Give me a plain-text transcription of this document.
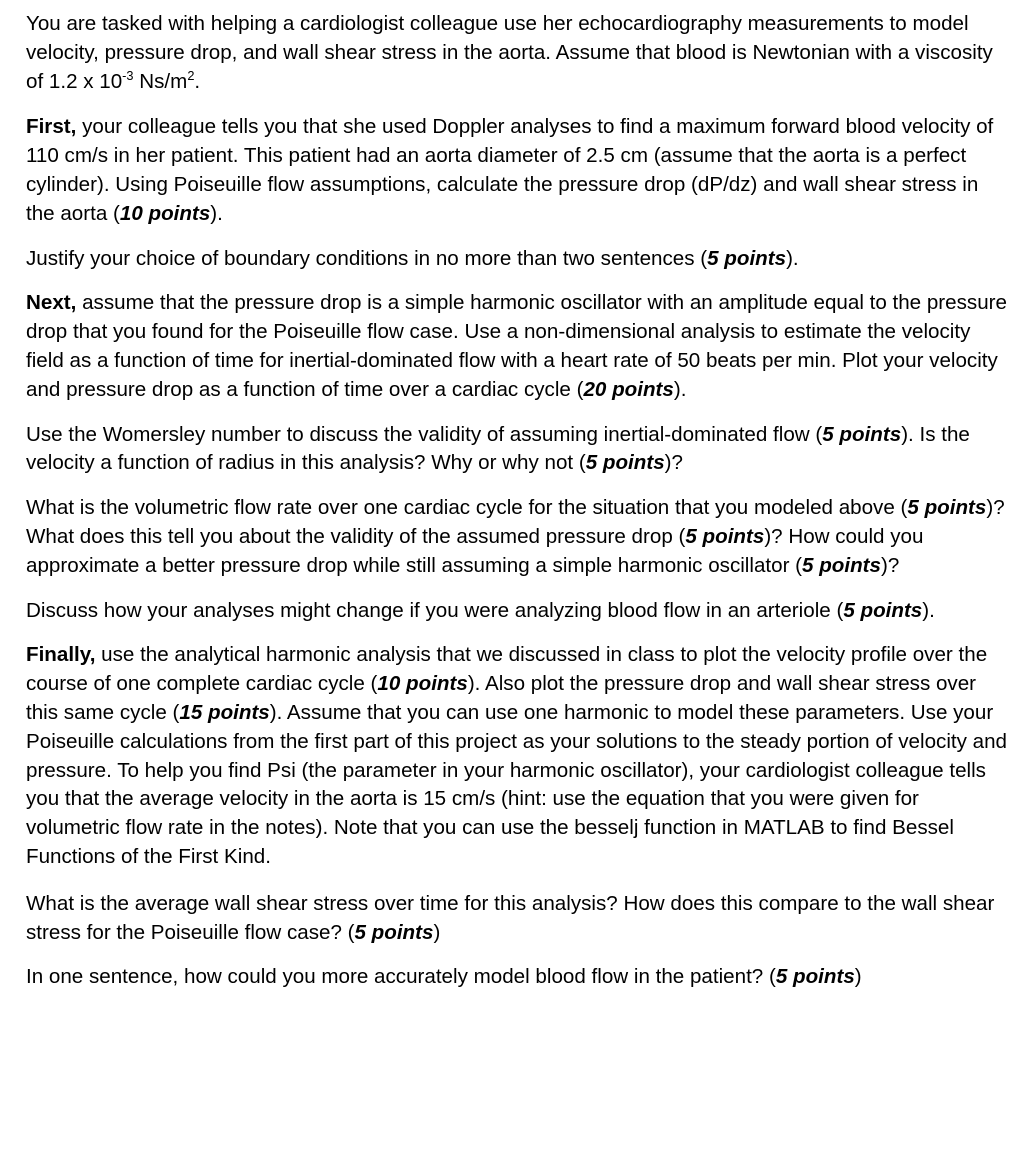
You are tasked with helping a cardiologist colleague use her echocardiography measurements to model velocity, pressure drop, and wall shear stress in the aorta. Assume that blood is Newtonian with a viscosity of 1.2 x $10^{-3}$ $Ns/m^2$.

First, your colleague tells you that she used Doppler analyses to find a maximum forward blood velocity of 110 cm/s in her patient. This patient had an aorta diameter of 2.5 cm (assume that the aorta is a perfect cylinder). Using Poiseuille flow assumptions, calculate the pressure drop (dP/dz) and wall shear stress in the aorta (10 points).

Justify your choice of boundary conditions in no more than two sentences (5 points).

Next, assume that the pressure drop is a simple harmonic oscillator with an amplitude equal to the pressure drop that you found for the Poiseuille flow case. Use a non-dimensional analysis to estimate the velocity field as a function of time for inertial-dominated flow with a heart rate of 50 beats per min. Plot your velocity and pressure drop as a function of time over a cardiac cycle (20 points).

Use the Womersley number to discuss the validity of assuming inertial-dominated flow (5 points). Is the velocity a function of radius in this analysis? Why or why not (5 points)?

What is the volumetric flow rate over one cardiac cycle for the situation that you modeled above (5 points)? What does this tell you about the validity of the assumed pressure drop (5 points)? How could you approximate a better pressure drop while still assuming a simple harmonic oscillator (5 points)?

Discuss how your analyses might change if you were analyzing blood flow in an arteriole (5 points).

Finally, use the analytical harmonic analysis that we discussed in class to plot the velocity profile over the course of one complete cardiac cycle (10 points). Also plot the pressure drop and wall shear stress over this same cycle (15 points). Assume that you can use one harmonic to model these parameters. Use your Poiseuille calculations from the first part of this project as your solutions to the steady portion of velocity and pressure. To help you find Psi (the parameter in your harmonic oscillator), your cardiologist colleague tells you that the average velocity in the aorta is 15 cm/s (hint: use the equation that you were given for volumetric flow rate in the notes). Note that you can use the besselj function in MATLAB to find Bessel Functions of the First Kind.

What is the average wall shear stress over time for this analysis? How does this compare to the wall shear stress for the Poiseuille flow case? (5 points)

In one sentence, how could you more accurately model blood flow in the patient? (5 points)
